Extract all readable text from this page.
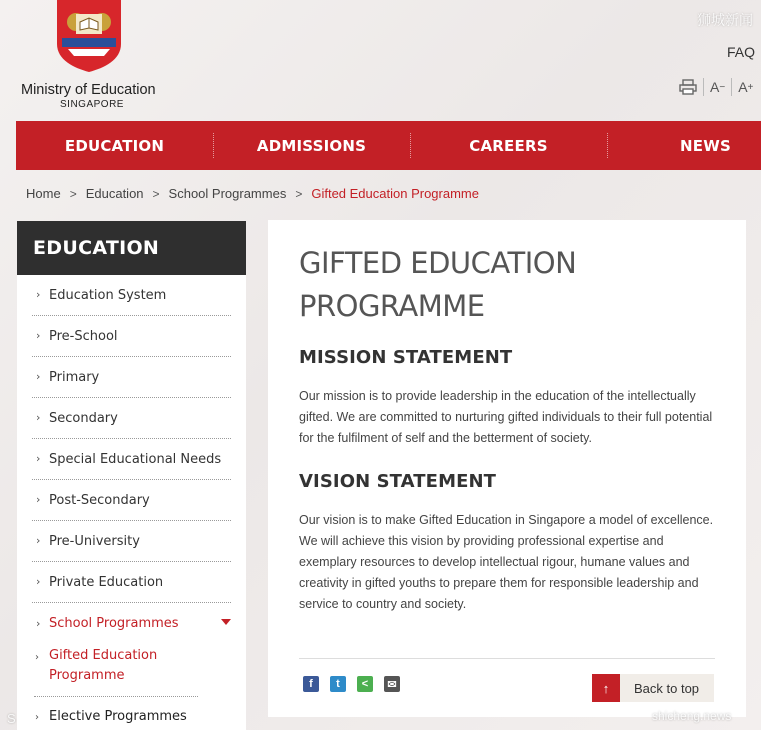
Ministry of Education
SINGAPORE
狮城新闻
FAQ
A − A +
EDUCATION	ADMISSIONS	CAREERS	NEWS
Home > Education > School Programmes > Gifted Education Programme
EDUCATION
› Education System
› Pre-School
› Primary
› Secondary
› Special Educational Needs
› Post-Secondary
› Pre-University
› Private Education
› School Programmes
› Gifted Education Programme
› Elective Programmes
GIFTED EDUCATION PROGRAMME
MISSION STATEMENT

Our mission is to provide leadership in the education of the intellectually gifted. We are committed to nurturing gifted individuals to their full potential for the fulfilment of self and the betterment of society.

VISION STATEMENT

Our vision is to make Gifted Education in Singapore a model of excellence. We will achieve this vision by providing professional expertise and exemplary resources to develop intellectual rigour, humane values and creativity in gifted youths to prepare them for responsible leadership and service to country and society.

f	t	<	✉	↑	Back to top
S	shicheng.news
